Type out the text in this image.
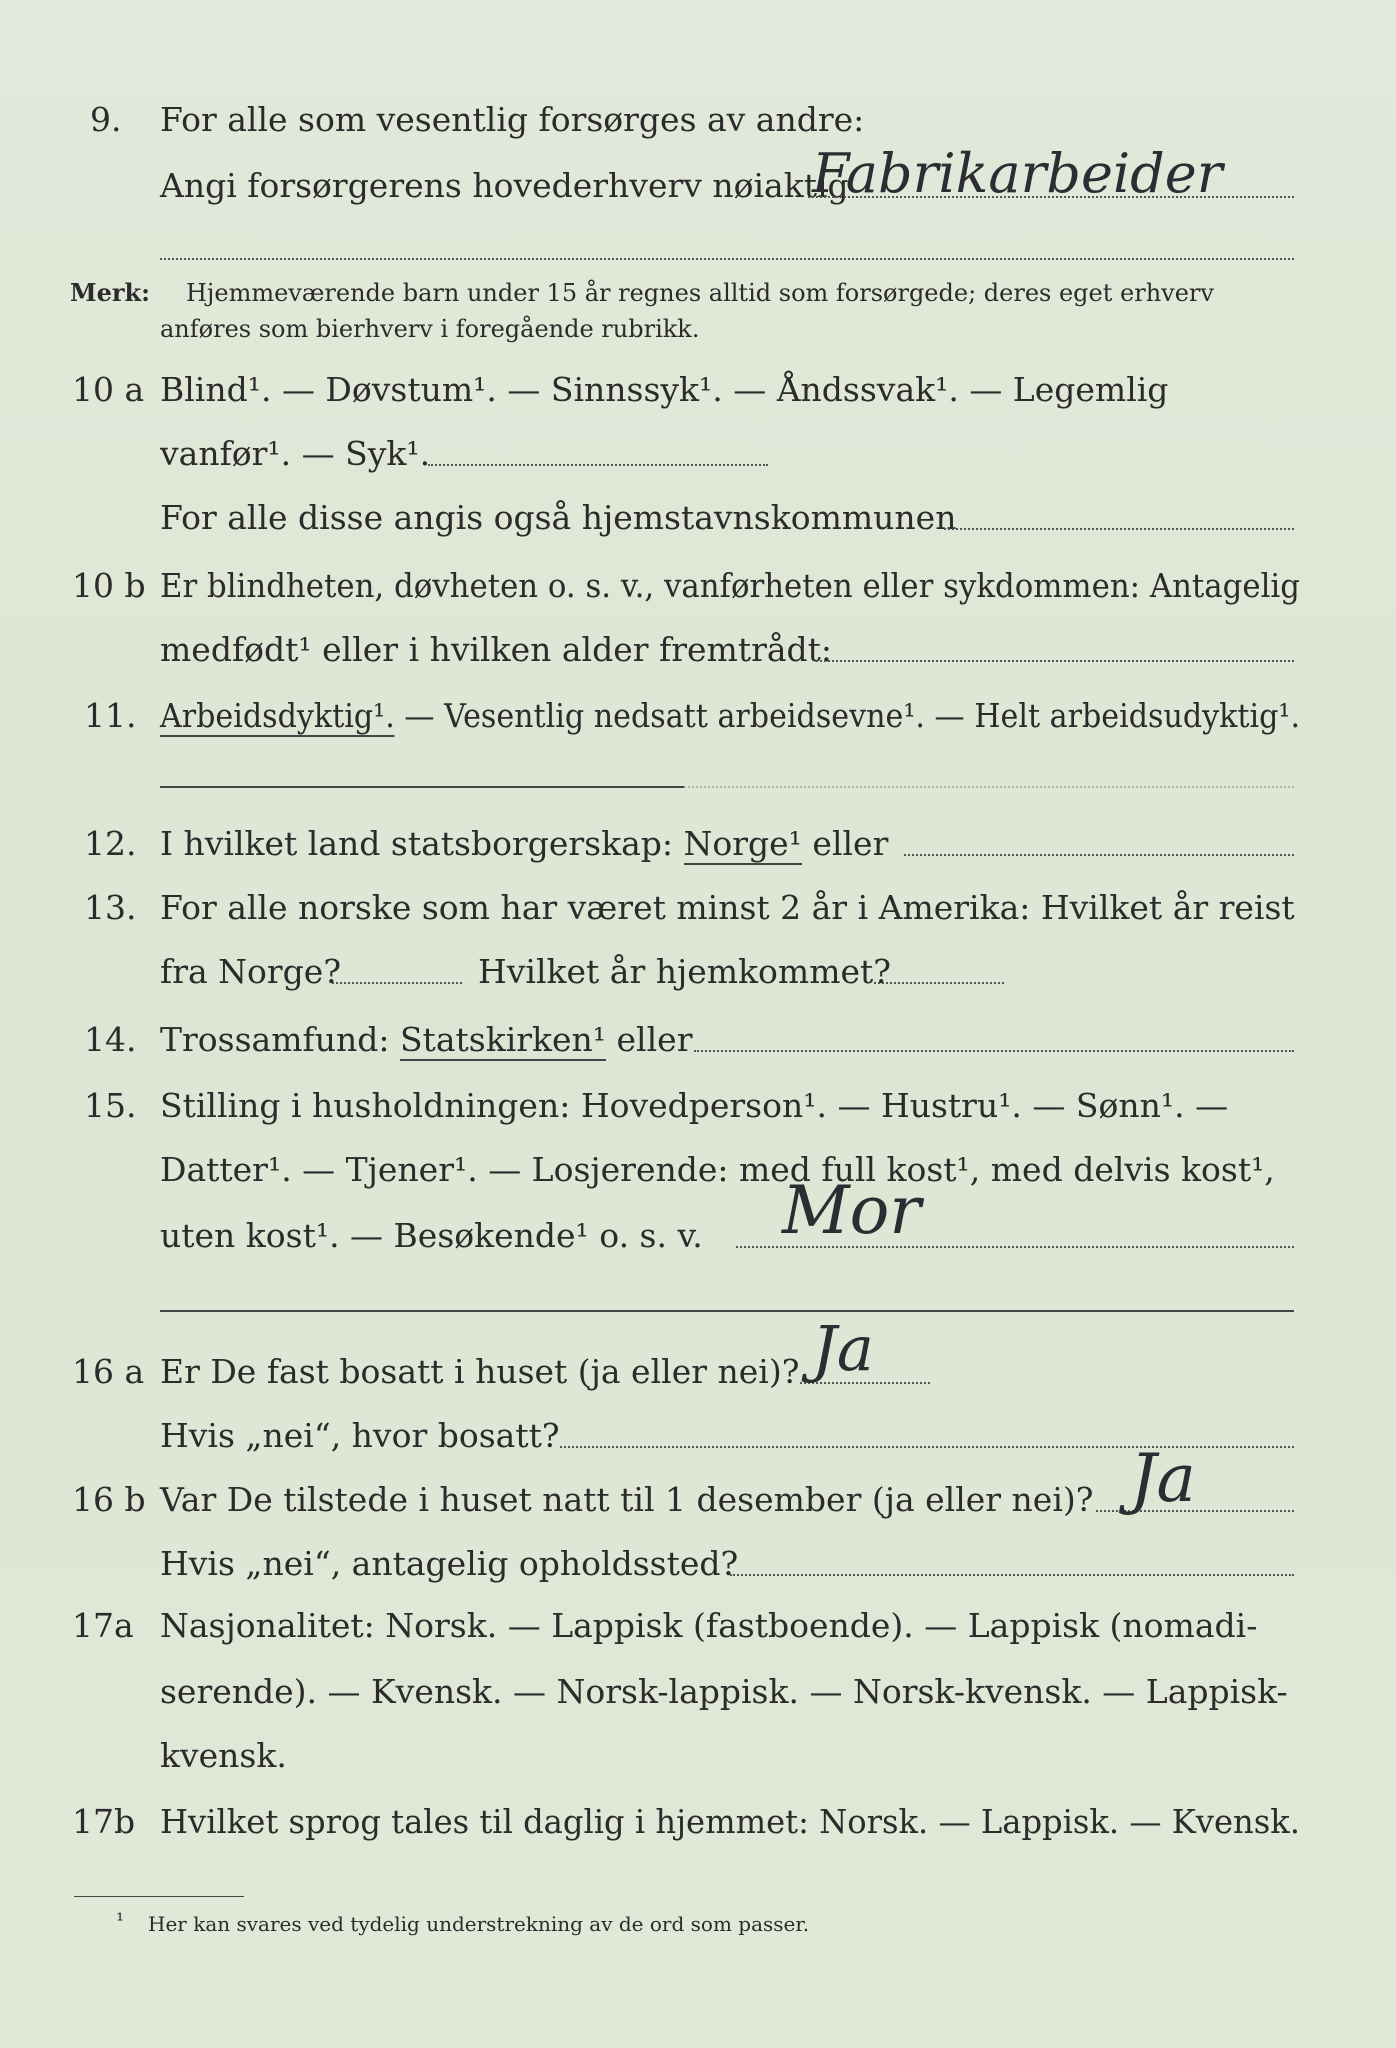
9. For alle som vesentlig forsørges av andre:
Angi forsørgerens hovederhverv nøiaktig
Fabrikarbeider
Merk: Hjemmeværende barn under 15 år regnes alltid som forsørgede; deres eget erhverv
anføres som bierhverv i foregående rubrikk.
10 a Blind¹. — Døvstum¹. — Sinnssyk¹. — Åndssvak¹. — Legemlig
vanfør¹. — Syk¹.
For alle disse angis også hjemstavnskommunen
10 b Er blindheten, døvheten o. s. v., vanførheten eller sykdommen: Antagelig
medfødt¹ eller i hvilken alder fremtrådt:
11. Arbeidsdyktig¹. — Vesentlig nedsatt arbeidsevne¹. — Helt arbeidsudyktig¹.
12. I hvilket land statsborgerskap: Norge¹ eller
13. For alle norske som har været minst 2 år i Amerika: Hvilket år reist
fra Norge?	Hvilket år hjemkommet?
14. Trossamfund: Statskirken¹ eller
15. Stilling i husholdningen: Hovedperson¹. — Hustru¹. — Sønn¹. —
Datter¹. — Tjener¹. — Losjerende: med full kost¹, med delvis kost¹,
uten kost¹. — Besøkende¹ o. s. v. Mor
16 a Er De fast bosatt i huset (ja eller nei)? Ja
Hvis „nei“, hvor bosatt?
16 b Var De tilstede i huset natt til 1 desember (ja eller nei)? Ja
Hvis „nei“, antagelig opholdssted?
17a Nasjonalitet: Norsk. — Lappisk (fastboende). — Lappisk (nomadi-
serende). — Kvensk. — Norsk-lappisk. — Norsk-kvensk. — Lappisk-
kvensk.
17b Hvilket sprog tales til daglig i hjemmet: Norsk. — Lappisk. — Kvensk.
¹ Her kan svares ved tydelig understrekning av de ord som passer.
